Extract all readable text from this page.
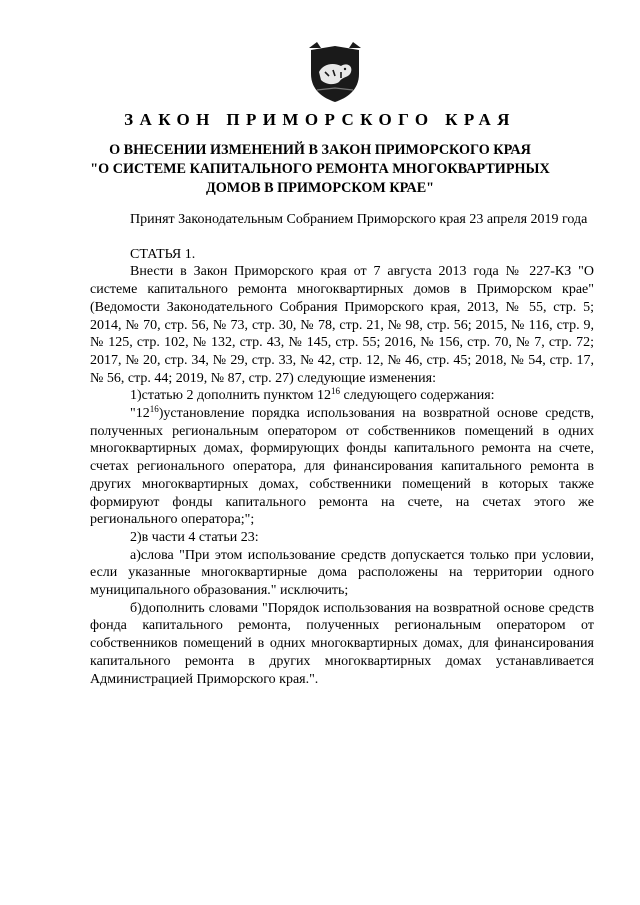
ЗАКОН ПРИМОРСКОГО КРАЯ
О ВНЕСЕНИИ ИЗМЕНЕНИЙ В ЗАКОН ПРИМОРСКОГО КРАЯ
"О СИСТЕМЕ КАПИТАЛЬНОГО РЕМОНТА МНОГОКВАРТИРНЫХ
ДОМОВ В ПРИМОРСКОМ КРАЕ"

Принят Законодательным Собранием Приморского края 23 апреля 2019 года

СТАТЬЯ 1.

Внести в Закон Приморского края от 7 августа 2013 года № 227-КЗ "О системе капитального ремонта многоквартирных домов в Приморском крае" (Ведомости Законодательного Собрания Приморского края, 2013, № 55, стр. 5; 2014, № 70, стр. 56, № 73, стр. 30, № 78, стр. 21, № 98, стр. 56; 2015, № 116, стр. 9, № 125, стр. 102, № 132, стр. 43, № 145, стр. 55; 2016, № 156, стр. 70, № 7, стр. 72; 2017, № 20, стр. 34, № 29, стр. 33, № 42, стр. 12, № 46, стр. 45; 2018, № 54, стр. 17, № 56, стр. 44; 2019, № 87, стр. 27) следующие изменения:

1)статью 2 дополнить пунктом $12^{16}$ следующего содержания:

"$12^{16})установление$ порядка использования на возвратной основе средств, полученных региональным оператором от собственников помещений в одних многоквартирных домах, формирующих фонды капитального ремонта на счете, счетах регионального оператора, для финансирования капитального ремонта в других многоквартирных домах, собственники помещений в которых также формируют фонды капитального ремонта на счете, на счетах этого же регионального оператора;";

2)в части 4 статьи 23:

а)слова "При этом использование средств допускается только при условии, если указанные многоквартирные дома расположены на территории одного муниципального образования." исключить;

б)дополнить словами "Порядок использования на возвратной основе средств фонда капитального ремонта, полученных региональным оператором от собственников помещений в одних многоквартирных домах, для финансирования капитального ремонта в других многоквартирных домах устанавливается Администрацией Приморского края.".
